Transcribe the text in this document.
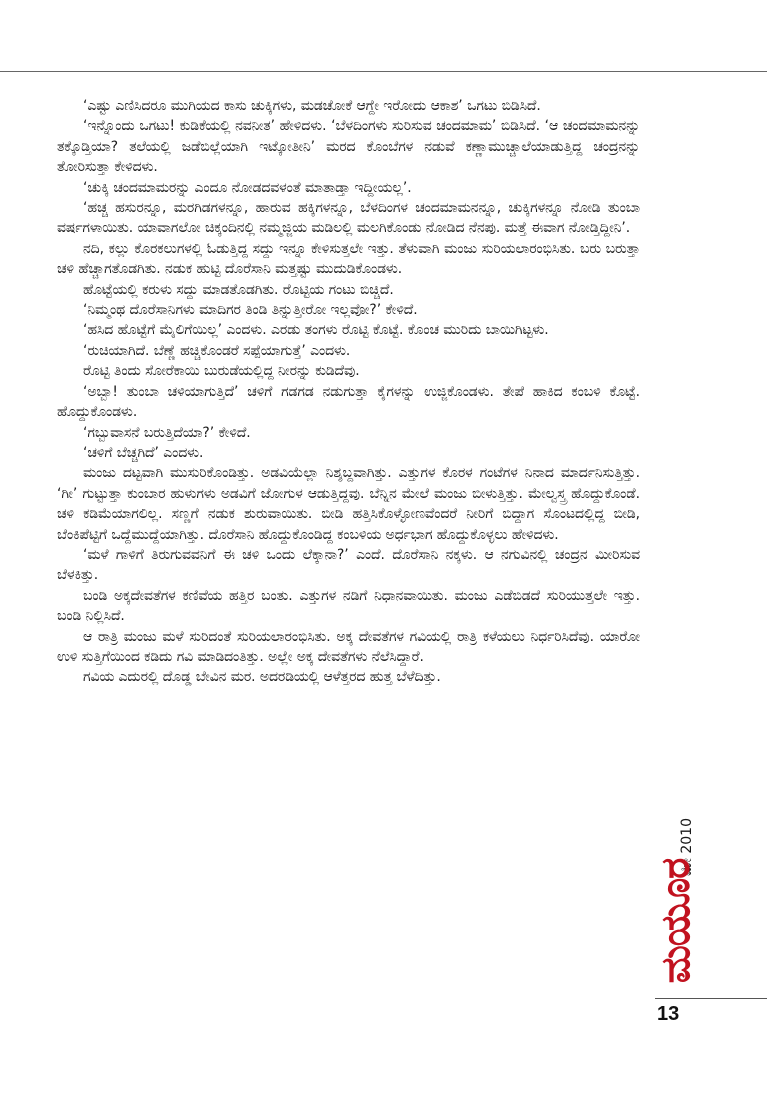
‘ಎಷ್ಟು ಎಣಿಸಿದರೂ ಮುಗಿಯದ ಕಾಸು ಚುಕ್ಕಿಗಳು, ಮಡಚೋಕೆ ಆಗ್ದೇ ಇರೋದು ಆಕಾಶ’ ಒಗಟು ಬಿಡಿಸಿದೆ.

‘ಇನ್ನೊಂದು ಒಗಟು! ಕುಡಿಕೆಯಲ್ಲಿ ನವನೀತ’ ಹೇಳಿದಳು. ‘ಬೆಳದಿಂಗಳು ಸುರಿಸುವ ಚಂದಮಾಮ’ ಬಿಡಿಸಿದೆ. ‘ಆ ಚಂದಮಾಮನನ್ನು ತಕ್ಕೊಡ್ತಿಯಾ? ತಲೆಯಲ್ಲಿ ಜಡೆಬಿಲ್ಲೆಯಾಗಿ ಇಟ್ಕೋತೀನಿ’ ಮರದ ಕೊಂಬೆಗಳ ನಡುವೆ ಕಣ್ಣಾಮುಚ್ಚಾಲೆಯಾಡುತ್ತಿದ್ದ ಚಂದ್ರನನ್ನು ತೋರಿಸುತ್ತಾ ಕೇಳಿದಳು.

‘ಚುಕ್ಕಿ ಚಂದಮಾಮರನ್ನು ಎಂದೂ ನೋಡದವಳಂತೆ ಮಾತಾಡ್ತಾ ಇದ್ದೀಯಲ್ಲ’.

‘ಹಚ್ಚ ಹಸುರನ್ನೂ, ಮರಗಿಡಗಳನ್ನೂ, ಹಾರುವ ಹಕ್ಕಿಗಳನ್ನೂ, ಬೆಳದಿಂಗಳ ಚಂದಮಾಮನನ್ನೂ, ಚುಕ್ಕಿಗಳನ್ನೂ ನೋಡಿ ತುಂಬಾ ವರ್ಷಗಳಾಯಿತು. ಯಾವಾಗಲೋ ಚಿಕ್ಕಂದಿನಲ್ಲಿ ನಮ್ಮಜ್ಜಿಯ ಮಡಿಲಲ್ಲಿ ಮಲಗಿಕೊಂಡು ನೋಡಿದ ನೆನಪು. ಮತ್ತೆ ಈವಾಗ ನೋಡ್ತಿದ್ದೀನಿ’.

ನದಿ, ಕಲ್ಲು ಕೊರಕಲುಗಳಲ್ಲಿ ಓಡುತ್ತಿದ್ದ ಸದ್ದು ಇನ್ನೂ ಕೇಳಿಸುತ್ತಲೇ ಇತ್ತು. ತೆಳುವಾಗಿ ಮಂಜು ಸುರಿಯಲಾರಂಭಿಸಿತು. ಬರು ಬರುತ್ತಾ ಚಳಿ ಹೆಚ್ಚಾಗತೊಡಗಿತು. ನಡುಕ ಹುಟ್ಟಿ ದೊರೆಸಾನಿ ಮತ್ತಷ್ಟು ಮುದುಡಿಕೊಂಡಳು.

ಹೊಟ್ಟೆಯಲ್ಲಿ ಕರುಳು ಸದ್ದು ಮಾಡತೊಡಗಿತು. ರೊಟ್ಟಿಯ ಗಂಟು ಬಿಚ್ಚಿದೆ.

‘ನಿಮ್ಮಂಥ ದೊರೆಸಾನಿಗಳು ಮಾದಿಗರ ತಿಂಡಿ ತಿನ್ನುತ್ತೀರೋ ಇಲ್ಲವೋ?’ ಕೇಳಿದೆ.

‘ಹಸಿದ ಹೊಟ್ಟೆಗೆ ಮೈಲಿಗೆಯಿಲ್ಲ’ ಎಂದಳು. ಎರಡು ತಂಗಳು ರೊಟ್ಟಿ ಕೊಟ್ಟೆ. ಕೊಂಚ ಮುರಿದು ಬಾಯಿಗಿಟ್ಟಳು.

‘ರುಚಿಯಾಗಿದೆ. ಬೆಣ್ಣೆ ಹಚ್ಚಿಕೊಂಡರೆ ಸಪ್ಪೆಯಾಗುತ್ತೆ’ ಎಂದಳು.

ರೊಟ್ಟಿ ತಿಂದು ಸೋರೆಕಾಯಿ ಬುರುಡೆಯಲ್ಲಿದ್ದ ನೀರನ್ನು ಕುಡಿದೆವು.

‘ಅಬ್ಬಾ! ತುಂಬಾ ಚಳಿಯಾಗುತ್ತಿದೆ’ ಚಳಿಗೆ ಗಡಗಡ ನಡುಗುತ್ತಾ ಕೈಗಳನ್ನು ಉಜ್ಜಿಕೊಂಡಳು. ತೇಪೆ ಹಾಕಿದ ಕಂಬಳಿ ಕೊಟ್ಟೆ. ಹೊದ್ದುಕೊಂಡಳು.

‘ಗಬ್ಬುವಾಸನೆ ಬರುತ್ತಿದೆಯಾ?’ ಕೇಳಿದೆ.

‘ಚಳಿಗೆ ಬೆಚ್ಚಗಿದೆ’ ಎಂದಳು.

ಮಂಜು ದಟ್ಟವಾಗಿ ಮುಸುರಿಕೊಂಡಿತ್ತು. ಅಡವಿಯೆಲ್ಲಾ ನಿಶ್ಶಬ್ದವಾಗಿತ್ತು. ಎತ್ತುಗಳ ಕೊರಳ ಗಂಟೆಗಳ ನಿನಾದ ಮಾರ್ದನಿಸುತ್ತಿತ್ತು. ‘ಗೀ’ ಗುಟ್ಟುತ್ತಾ ಕುಂಬಾರ ಹುಳುಗಳು ಅಡವಿಗೆ ಜೋಗುಳ ಆಡುತ್ತಿದ್ದವು. ಬೆನ್ನಿನ ಮೇಲೆ ಮಂಜು ಬೀಳುತ್ತಿತ್ತು. ಮೇಲ್ವಸ್ತ್ರ ಹೊದ್ದುಕೊಂಡೆ. ಚಳಿ ಕಡಿಮೆಯಾಗಲಿಲ್ಲ. ಸಣ್ಣಗೆ ನಡುಕ ಶುರುವಾಯಿತು. ಬೀಡಿ ಹತ್ತಿಸಿಕೊಳ್ಳೋಣವೆಂದರೆ ನೀರಿಗೆ ಬಿದ್ದಾಗ ಸೊಂಟದಲ್ಲಿದ್ದ ಬೀಡಿ, ಬೆಂಕಿಪೆಟ್ಟಿಗೆ ಒದ್ದೆಮುದ್ದೆಯಾಗಿತ್ತು. ದೊರೆಸಾನಿ ಹೊದ್ದುಕೊಂಡಿದ್ದ ಕಂಬಳಿಯ ಅರ್ಧಭಾಗ ಹೊದ್ದುಕೊಳ್ಳಲು ಹೇಳಿದಳು.

‘ಮಳೆ ಗಾಳಿಗೆ ತಿರುಗುವವನಿಗೆ ಈ ಚಳಿ ಒಂದು ಲೆಕ್ಕಾನಾ?’ ಎಂದೆ. ದೊರೆಸಾನಿ ನಕ್ಕಳು. ಆ ನಗುವಿನಲ್ಲಿ ಚಂದ್ರನ ಮೀರಿಸುವ ಬೆಳಕಿತ್ತು.

ಬಂಡಿ ಅಕ್ಕದೇವತೆಗಳ ಕಣಿವೆಯ ಹತ್ತಿರ ಬಂತು. ಎತ್ತುಗಳ ನಡಿಗೆ ನಿಧಾನವಾಯಿತು. ಮಂಜು ಎಡೆಬಿಡದೆ ಸುರಿಯುತ್ತಲೇ ಇತ್ತು. ಬಂಡಿ ನಿಲ್ಲಿಸಿದೆ.

ಆ ರಾತ್ರಿ ಮಂಜು ಮಳೆ ಸುರಿದಂತೆ ಸುರಿಯಲಾರಂಭಿಸಿತು. ಅಕ್ಕ ದೇವತೆಗಳ ಗವಿಯಲ್ಲಿ ರಾತ್ರಿ ಕಳೆಯಲು ನಿರ್ಧರಿಸಿದೆವು. ಯಾರೋ ಉಳಿ ಸುತ್ತಿಗೆಯಿಂದ ಕಡಿದು ಗವಿ ಮಾಡಿದಂತಿತ್ತು. ಅಲ್ಲೇ ಅಕ್ಕ ದೇವತೆಗಳು ನೆಲೆಸಿದ್ದಾರೆ.

ಗವಿಯ ಎದುರಲ್ಲಿ ದೊಡ್ಡ ಬೇವಿನ ಮರ. ಅದರಡಿಯಲ್ಲಿ ಆಳೆತ್ತರದ ಹುತ್ತ ಬೆಳೆದಿತ್ತು.

ಮೇ 2010
ಮಯೂರ
13
